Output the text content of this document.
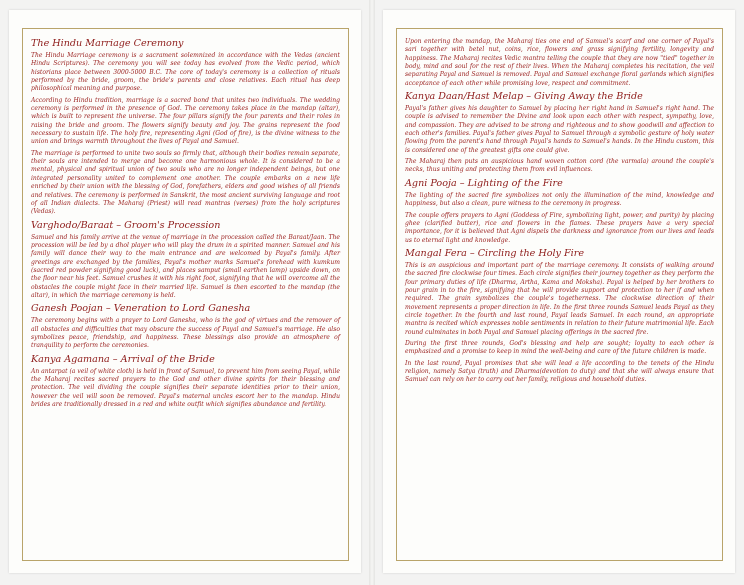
The Hindu Marriage Ceremony

The Hindu Marriage ceremony is a sacrament solemnized in accordance with the Vedas (ancient Hindu Scriptures). The ceremony you will see today has evolved from the Vedic period, which historians place between 3000-5000 B.C. The core of today's ceremony is a collection of rituals performed by the bride, groom, the bride's parents and close relatives. Each ritual has deep philosophical meaning and purpose.

According to Hindu tradition, marriage is a sacred bond that unites two individuals. The wedding ceremony is performed in the presence of God. The ceremony takes place in the mandap (altar), which is built to represent the universe. The four pillars signify the four parents and their roles in raising the bride and groom. The flowers signify beauty and joy. The grains represent the food necessary to sustain life. The holy fire, representing Agni (God of fire), is the divine witness to the union and brings warmth throughout the lives of Payal and Samuel.

The marriage is performed to unite two souls so firmly that, although their bodies remain separate, their souls are intended to merge and become one harmonious whole. It is considered to be a mental, physical and spiritual union of two souls who are no longer independent beings, but one integrated personality united to complement one another. The couple embarks on a new life enriched by their union with the blessing of God, forefathers, elders and good wishes of all friends and relatives. The ceremony is performed in Sanskrit, the most ancient surviving language and root of all Indian dialects. The Maharaj (Priest) will read mantras (verses) from the holy scriptures (Vedas).

Varghodo/Baraat – Groom's Procession

Samuel and his family arrive at the venue of marriage in the procession called the Baraat/Jaan. The procession will be led by a dhol player who will play the drum in a spirited manner. Samuel and his family will dance their way to the main entrance and are welcomed by Payal's family. After greetings are exchanged by the families, Payal's mother marks Samuel's forehead with kumkum (sacred red powder signifying good luck), and places samput (small earthen lamp) upside down, on the floor near his feet. Samuel crushes it with his right foot, signifying that he will overcome all the obstacles the couple might face in their married life. Samuel is then escorted to the mandap (the altar), in which the marriage ceremony is held.

Ganesh Poojan – Veneration to Lord Ganesha

The ceremony begins with a prayer to Lord Ganesha, who is the god of virtues and the remover of all obstacles and difficulties that may obscure the success of Payal and Samuel's marriage. He also symbolizes peace, friendship, and happiness. These blessings also provide an atmosphere of tranquility to perform the ceremonies.

Kanya Agamana – Arrival of the Bride

An antarpat (a veil of white cloth) is held in front of Samuel, to prevent him from seeing Payal, while the Maharaj recites sacred prayers to the God and other divine spirits for their blessing and protection. The veil dividing the couple signifies their separate identities prior to their union, however the veil will soon be removed. Payal's maternal uncles escort her to the mandap. Hindu brides are traditionally dressed in a red and white outfit which signifies abundance and fertility.

Upon entering the mandap, the Maharaj ties one end of Samuel's scarf and one corner of Payal's sari together with betel nut, coins, rice, flowers and grass signifying fertility, longevity and happiness. The Maharaj recites Vedic mantra telling the couple that they are now "tied" together in body, mind and soul for the rest of their lives. When the Maharaj completes his recitation, the veil separating Payal and Samuel is removed. Payal and Samuel exchange floral garlands which signifies acceptance of each other while promising love, respect and commitment.

Kanya Daan/Hast Melap – Giving Away the Bride

Payal's father gives his daughter to Samuel by placing her right hand in Samuel's right hand. The couple is advised to remember the Divine and look upon each other with respect, sympathy, love, and compassion. They are advised to be strong and righteous and to show goodwill and affection to each other's families. Payal's father gives Payal to Samuel through a symbolic gesture of holy water flowing from the parent's hand through Payal's hands to Samuel's hands. In the Hindu custom, this is considered one of the greatest gifts one could give.

The Maharaj then puts an auspicious hand woven cotton cord (the varmala) around the couple's necks, thus uniting and protecting them from evil influences.

Agni Pooja – Lighting of the Fire

The lighting of the sacred fire symbolizes not only the illumination of the mind, knowledge and happiness, but also a clean, pure witness to the ceremony in progress.

The couple offers prayers to Agni (Goddess of Fire, symbolizing light, power, and purity) by placing ghee (clarified butter), rice and flowers in the flames. These prayers have a very special importance, for it is believed that Agni dispels the darkness and ignorance from our lives and leads us to eternal light and knowledge.

Mangal Fera – Circling the Holy Fire

This is an auspicious and important part of the marriage ceremony. It consists of walking around the sacred fire clockwise four times. Each circle signifies their journey together as they perform the four primary duties of life (Dharma, Artha, Kama and Moksha). Payal is helped by her brothers to pour grain in to the fire, signifying that he will provide support and protection to her if and when required. The grain symbolizes the couple's togetherness. The clockwise direction of their movement represents a proper direction in life. In the first three rounds Samuel leads Payal as they circle together. In the fourth and last round, Payal leads Samuel. In each round, an appropriate mantra is recited which expresses noble sentiments in relation to their future matrimonial life. Each round culminates in both Payal and Samuel placing offerings in the sacred fire.

During the first three rounds, God's blessing and help are sought; loyalty to each other is emphasized and a promise to keep in mind the well-being and care of the future children is made.

In the last round, Payal promises that she will lead a life according to the tenets of the Hindu religion, namely Satya (truth) and Dharma(devotion to duty) and that she will always ensure that Samuel can rely on her to carry out her family, religious and household duties.
